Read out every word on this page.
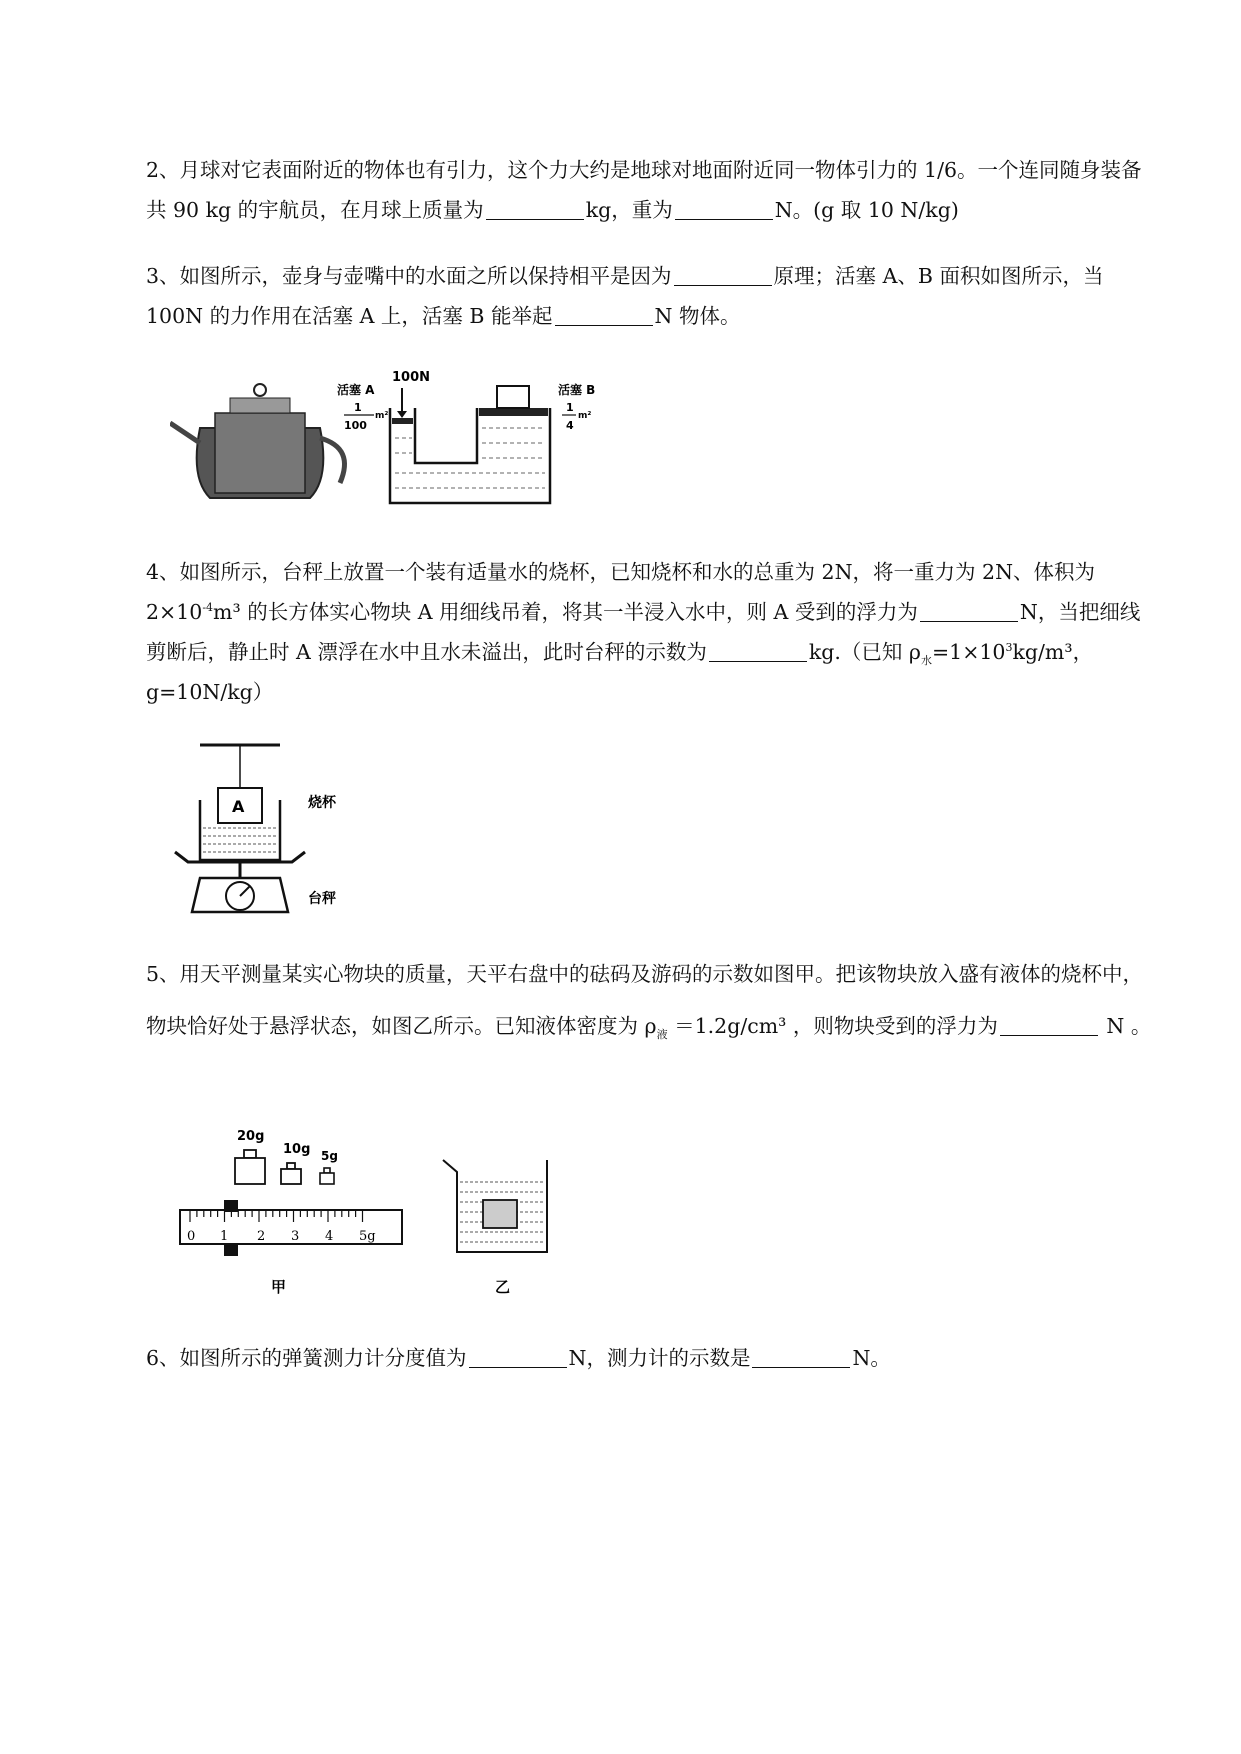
2、月球对它表面附近的物体也有引力，这个力大约是地球对地面附近同一物体引力的 1/6。一个连同随身装备共 90 kg 的宇航员，在月球上质量为	kg，重为	N。(g 取 10 N/kg)
3、如图所示，壶身与壶嘴中的水面之所以保持相平是因为	原理；活塞 A、B 面积如图所示，当 100N 的力作用在活塞 A 上，活塞 B 能举起	N 物体。
100N
活塞 A
1
100
m²
活塞 B
1
4
m²
4、如图所示，台秤上放置一个装有适量水的烧杯，已知烧杯和水的总重为 2N，将一重力为 2N、体积为 $2\times 10^{-4}m^3$ 的长方体实心物块 A 用细线吊着，将其一半浸入水中，则 A 受到的浮力为	N，当把细线剪断后，静止时 A 漂浮在水中且水未溢出，此时台秤的示数为	kg.（已知 $\rho_水=1\times 10^3kg/m^3$，g=10N/kg）
A	烧杯
台秤
5、用天平测量某实心物块的质量，天平右盘中的砝码及游码的示数如图甲。把该物块放入盛有液体的烧杯中，物块恰好处于悬浮状态，如图乙所示。已知液体密度为 $\rho_液 =1.2g/cm^3$ ，则物块受到的浮力为	N 。
20g
10g 5g
0 1 2 3 4 5g
甲	乙
6、如图所示的弹簧测力计分度值为	N，测力计的示数是	N。
